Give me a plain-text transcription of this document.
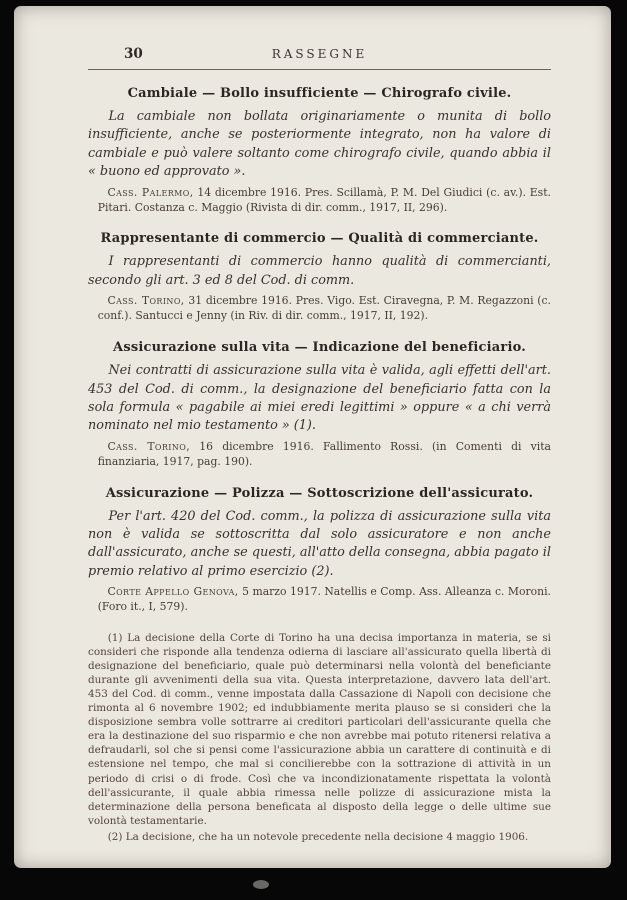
30	RASSEGNE
Cambiale — Bollo insufficiente — Chirografo civile.

La cambiale non bollata originariamente o munita di bollo insufficiente, anche se posteriormente integrato, non ha valore di cambiale e può valere soltanto come chirografo civile, quando abbia il « buono ed approvato ».

Cass. Palermo, 14 dicembre 1916. Pres. Scillamà, P. M. Del Giudici (c. av.). Est. Pitari. Costanza c. Maggio (Rivista di dir. comm., 1917, II, 296).

Rappresentante di commercio — Qualità di commerciante.

I rappresentanti di commercio hanno qualità di commercianti, secondo gli art. 3 ed 8 del Cod. di comm.

Cass. Torino, 31 dicembre 1916. Pres. Vigo. Est. Ciravegna, P. M. Regazzoni (c. conf.). Santucci e Jenny (in Riv. di dir. comm., 1917, II, 192).

Assicurazione sulla vita — Indicazione del beneficiario.

Nei contratti di assicurazione sulla vita è valida, agli effetti dell'art. 453 del Cod. di comm., la designazione del beneficiario fatta con la sola formula « pagabile ai miei eredi legittimi » oppure « a chi verrà nominato nel mio testamento » (1).

Cass. Torino, 16 dicembre 1916. Fallimento Rossi. (in Comenti di vita finanziaria, 1917, pag. 190).

Assicurazione — Polizza — Sottoscrizione dell'assicurato.

Per l'art. 420 del Cod. comm., la polizza di assicurazione sulla vita non è valida se sottoscritta dal solo assicuratore e non anche dall'assicurato, anche se questi, all'atto della consegna, abbia pagato il premio relativo al primo esercizio (2).

Corte Appello Genova, 5 marzo 1917. Natellis e Comp. Ass. Alleanza c. Moroni. (Foro it., I, 579).

(1) La decisione della Corte di Torino ha una decisa importanza in materia, se si consideri che risponde alla tendenza odierna di lasciare all'assicurato quella libertà di designazione del beneficiario, quale può determinarsi nella volontà del beneficiante durante gli avvenimenti della sua vita. Questa interpretazione, davvero lata dell'art. 453 del Cod. di comm., venne impostata dalla Cassazione di Napoli con decisione che rimonta al 6 novembre 1902; ed indubbiamente merita plauso se si consideri che la disposizione sembra volle sottrarre ai creditori particolari dell'assicurante quella che era la destinazione del suo risparmio e che non avrebbe mai potuto ritenersi relativa a defraudarli, sol che si pensi come l'assicurazione abbia un carattere di continuità e di estensione nel tempo, che mal si concilierebbe con la sottrazione di attività in un periodo di crisi o di frode. Così che va incondizionatamente rispettata la volontà dell'assicurante, il quale abbia rimessa nelle polizze di assicurazione mista la determinazione della persona beneficata al disposto della legge o delle ultime sue volontà testamentarie.

(2) La decisione, che ha un notevole precedente nella decisione 4 maggio 1906.
